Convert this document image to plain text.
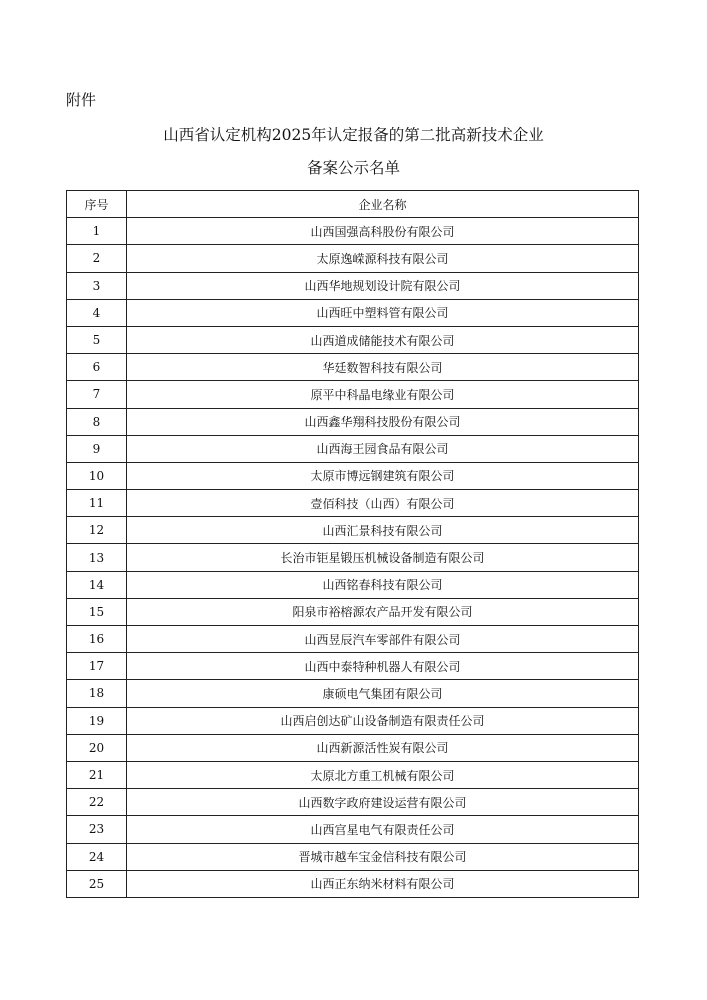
附件
山西省认定机构2025年认定报备的第二批高新技术企业
备案公示名单
序号	企业名称
1	山西国强高科股份有限公司
2	太原逸嵘源科技有限公司
3	山西华地规划设计院有限公司
4	山西旺中塑料管有限公司
5	山西道成储能技术有限公司
6	华廷数智科技有限公司
7	原平中科晶电缘业有限公司
8	山西鑫华翔科技股份有限公司
9	山西海王园食品有限公司
10	太原市博远钢建筑有限公司
11	壹佰科技（山西）有限公司
12	山西汇景科技有限公司
13	长治市钜星锻压机械设备制造有限公司
14	山西铭春科技有限公司
15	阳泉市裕榕源农产品开发有限公司
16	山西昱辰汽车零部件有限公司
17	山西中泰特种机器人有限公司
18	康硕电气集团有限公司
19	山西启创达矿山设备制造有限责任公司
20	山西新源活性炭有限公司
21	太原北方重工机械有限公司
22	山西数字政府建设运营有限公司
23	山西宫星电气有限责任公司
24	晋城市越车宝金信科技有限公司
25	山西正东纳米材料有限公司
